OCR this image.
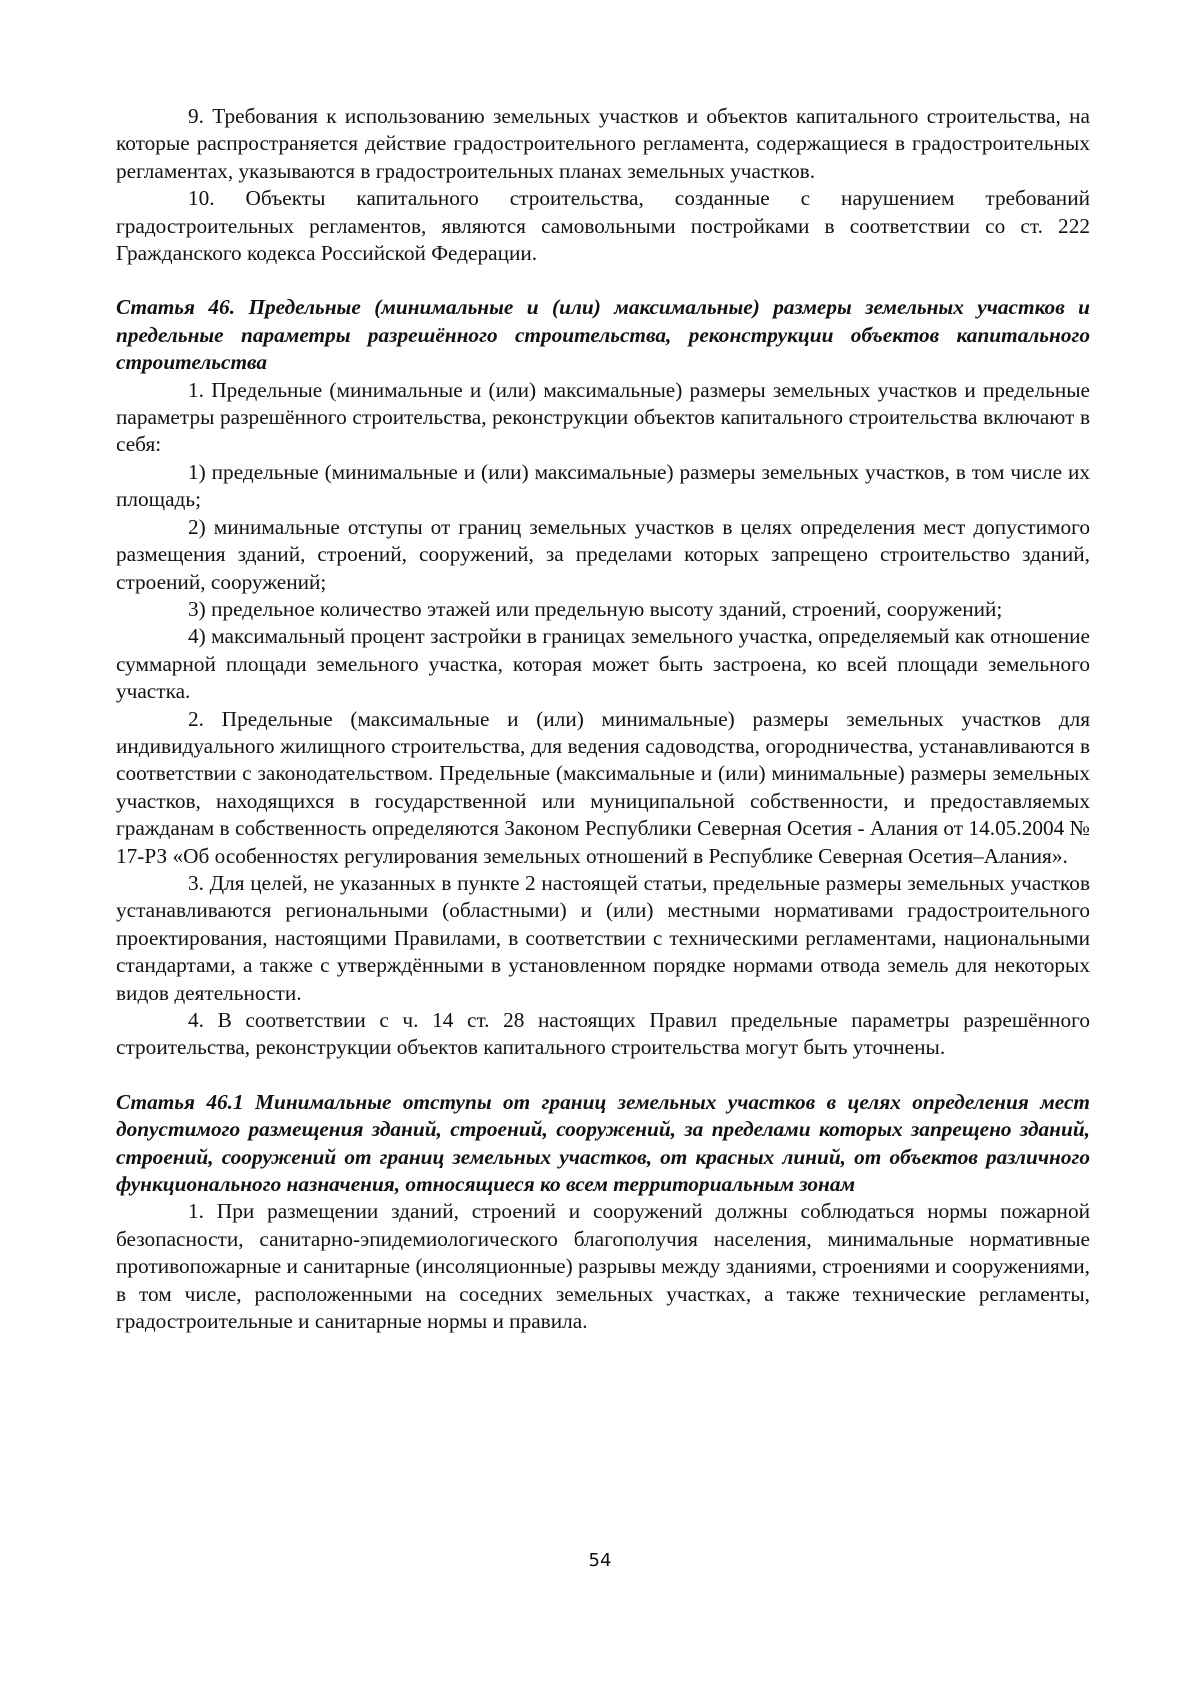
9. Требования к использованию земельных участков и объектов капитального строительства, на которые распространяется действие градостроительного регламента, содержащиеся в градостроительных регламентах, указываются в градостроительных планах земельных участков.

10. Объекты капитального строительства, созданные с нарушением требований градостроительных регламентов, являются самовольными постройками в соответствии со ст. 222 Гражданского кодекса Российской Федерации.

Статья 46. Предельные (минимальные и (или) максимальные) размеры земельных участков и предельные параметры разрешённого строительства, реконструкции объектов капитального строительства

1. Предельные (минимальные и (или) максимальные) размеры земельных участков и предельные параметры разрешённого строительства, реконструкции объектов капитального строительства включают в себя:

1) предельные (минимальные и (или) максимальные) размеры земельных участков, в том числе их площадь;

2) минимальные отступы от границ земельных участков в целях определения мест допустимого размещения зданий, строений, сооружений, за пределами которых запрещено строительство зданий, строений, сооружений;

3) предельное количество этажей или предельную высоту зданий, строений, сооружений;

4) максимальный процент застройки в границах земельного участка, определяемый как отношение суммарной площади земельного участка, которая может быть застроена, ко всей площади земельного участка.

2. Предельные (максимальные и (или) минимальные) размеры земельных участков для индивидуального жилищного строительства, для ведения садоводства, огородничества, устанавливаются в соответствии с законодательством. Предельные (максимальные и (или) минимальные) размеры земельных участков, находящихся в государственной или муниципальной собственности, и предоставляемых гражданам в собственность определяются Законом Республики Северная Осетия - Алания от 14.05.2004 № 17-РЗ «Об особенностях регулирования земельных отношений в Республике Северная Осетия–Алания».

3. Для целей, не указанных в пункте 2 настоящей статьи, предельные размеры земельных участков устанавливаются региональными (областными) и (или) местными нормативами градостроительного проектирования, настоящими Правилами, в соответствии с техническими регламентами, национальными стандартами, а также с утверждёнными в установленном порядке нормами отвода земель для некоторых видов деятельности.

4. В соответствии с ч. 14 ст. 28 настоящих Правил предельные параметры разрешённого строительства, реконструкции объектов капитального строительства могут быть уточнены.

Статья 46.1 Минимальные отступы от границ земельных участков в целях определения мест допустимого размещения зданий, строений, сооружений, за пределами которых запрещено зданий, строений, сооружений от границ земельных участков, от красных линий, от объектов различного функционального назначения, относящиеся ко всем территориальным зонам

1. При размещении зданий, строений и сооружений должны соблюдаться нормы пожарной безопасности, санитарно-эпидемиологического благополучия населения, минимальные нормативные противопожарные и санитарные (инсоляционные) разрывы между зданиями, строениями и сооружениями, в том числе, расположенными на соседних земельных участках, а также технические регламенты, градостроительные и санитарные нормы и правила.

54
